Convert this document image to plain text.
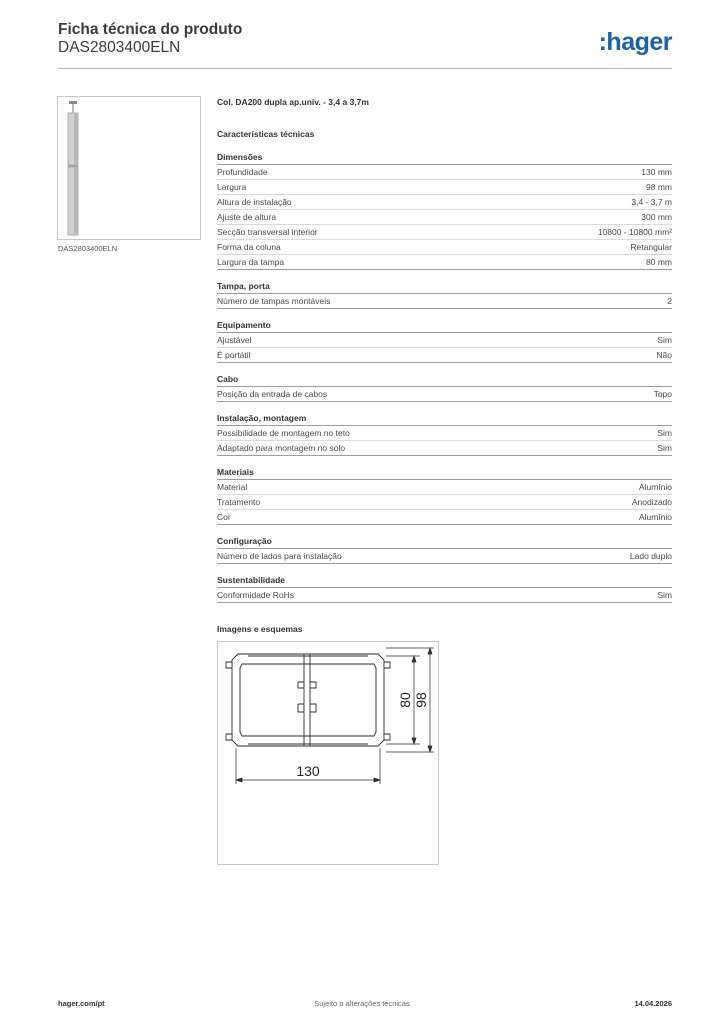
Ficha técnica do produto
DAS2803400ELN	:hager
DAS2803400ELN
Col. DA200 dupla ap.univ. - 3,4 a 3,7m
Características técnicas
Dimensões
Profundidade	130 mm
Largura	98 mm
Altura de instalação	3,4 - 3,7 m
Ajuste de altura	300 mm
Secção transversal interior	10800 - 10800 mm²
Forma da coluna	Retangular
Largura da tampa	80 mm
Tampa, porta
Número de tampas montáveis	2
Equipamento
Ajustável	Sim
É portátil	Não
Cabo
Posição da entrada de cabos	Topo
Instalação, montagem
Possibilidade de montagem no teto	Sim
Adaptado para montagem no solo	Sim
Materiais
Material	Alumínio
Tratamento	Anodizado
Cor	Alumínio
Configuração
Número de lados para instalação	Lado duplo
Sustentabilidade
Conformidade RoHs	Sim
Imagens e esquemas
130
80 98
hager.com/pt	Sujeito a alterações técnicas	14.04.2026
